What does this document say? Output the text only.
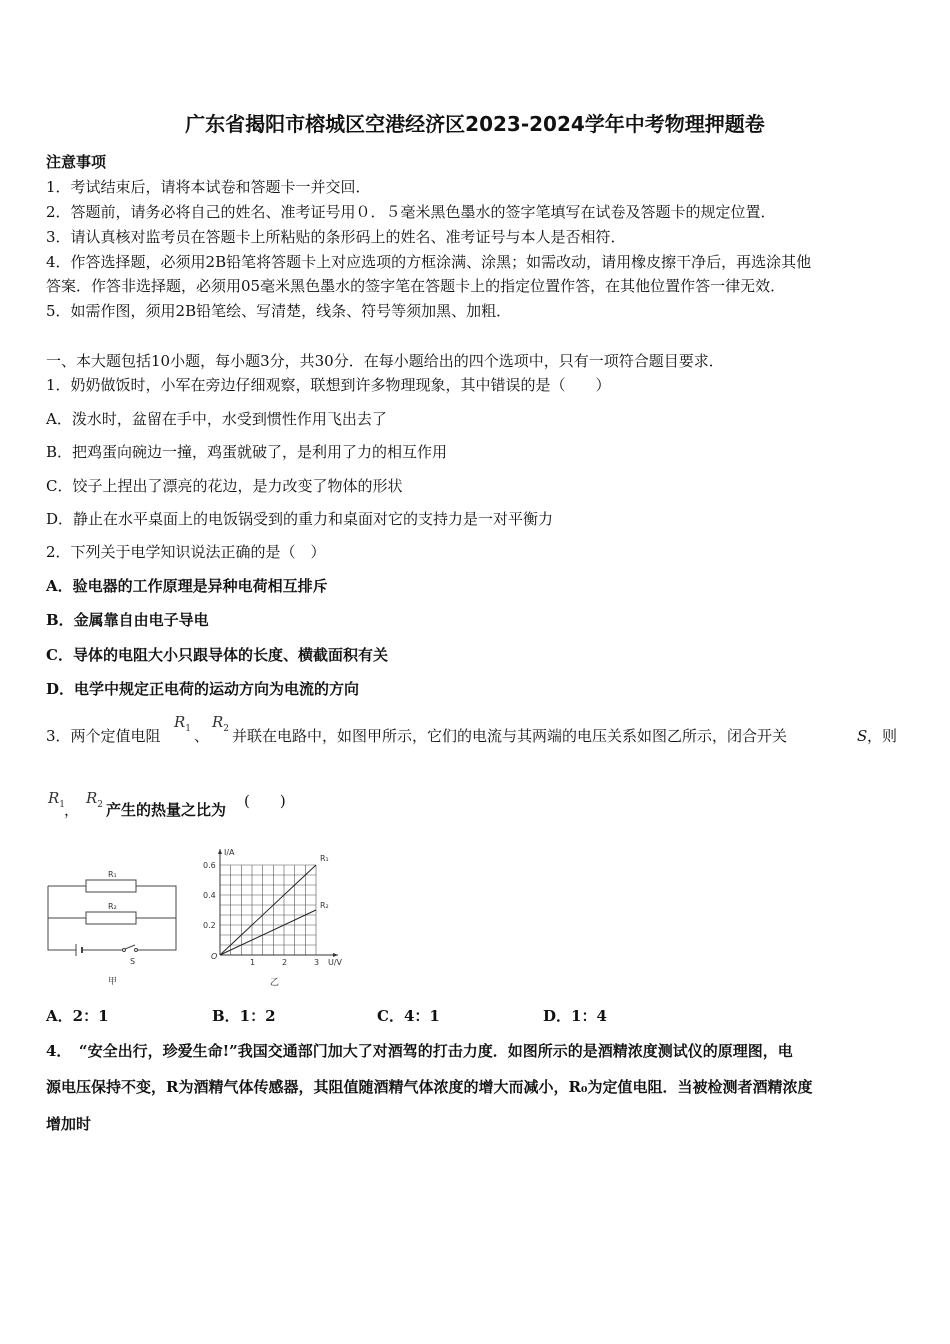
广东省揭阳市榕城区空港经济区2023-2024学年中考物理押题卷
注意事项
1．考试结束后，请将本试卷和答题卡一并交回．
2．答题前，请务必将自己的姓名、准考证号用０．５毫米黑色墨水的签字笔填写在试卷及答题卡的规定位置．
3．请认真核对监考员在答题卡上所粘贴的条形码上的姓名、准考证号与本人是否相符．
4．作答选择题，必须用2B铅笔将答题卡上对应选项的方框涂满、涂黑；如需改动，请用橡皮擦干净后，再选涂其他
答案．作答非选择题，必须用05毫米黑色墨水的签字笔在答题卡上的指定位置作答，在其他位置作答一律无效．
5．如需作图，须用2B铅笔绘、写清楚，线条、符号等须加黑、加粗．
一、本大题包括10小题，每小题3分，共30分．在每小题给出的四个选项中，只有一项符合题目要求．
1．奶奶做饭时，小军在旁边仔细观察，联想到许多物理现象，其中错误的是（　　）
A．泼水时，盆留在手中，水受到惯性作用飞出去了
B．把鸡蛋向碗边一撞，鸡蛋就破了，是利用了力的相互作用
C．饺子上捏出了漂亮的花边，是力改变了物体的形状
D．静止在水平桌面上的电饭锅受到的重力和桌面对它的支持力是一对平衡力
2．下列关于电学知识说法正确的是（　）
A．验电器的工作原理是异种电荷相互排斥
B．金属靠自由电子导电
C．导体的电阻大小只跟导体的长度、横截面积有关
D．电学中规定正电荷的运动方向为电流的方向
3．两个定值电阻
$R_1$ 、
$R_2$ 并联在电路中，如图甲所示，它们的电流与其两端的电压关系如图乙所示，闭合开关	S ，则
$R_1$
，
$R_2$ 产生的热量之比为 (　　)
R₁
R₂
S
甲
1	2	3
0.2
0.4
0.6
U/V
I/A
O
R₁
R₂
乙
A．2：1	B．1：2	C．4：1	D．1：4
4．　“安全出行，珍爱生命!”我国交通部门加大了对酒驾的打击力度．如图所示的是酒精浓度测试仪的原理图，电
源电压保持不变，R为酒精气体传感器，其阻值随酒精气体浓度的增大而减小，R₀为定值电阻．当被检测者酒精浓度
增加时
